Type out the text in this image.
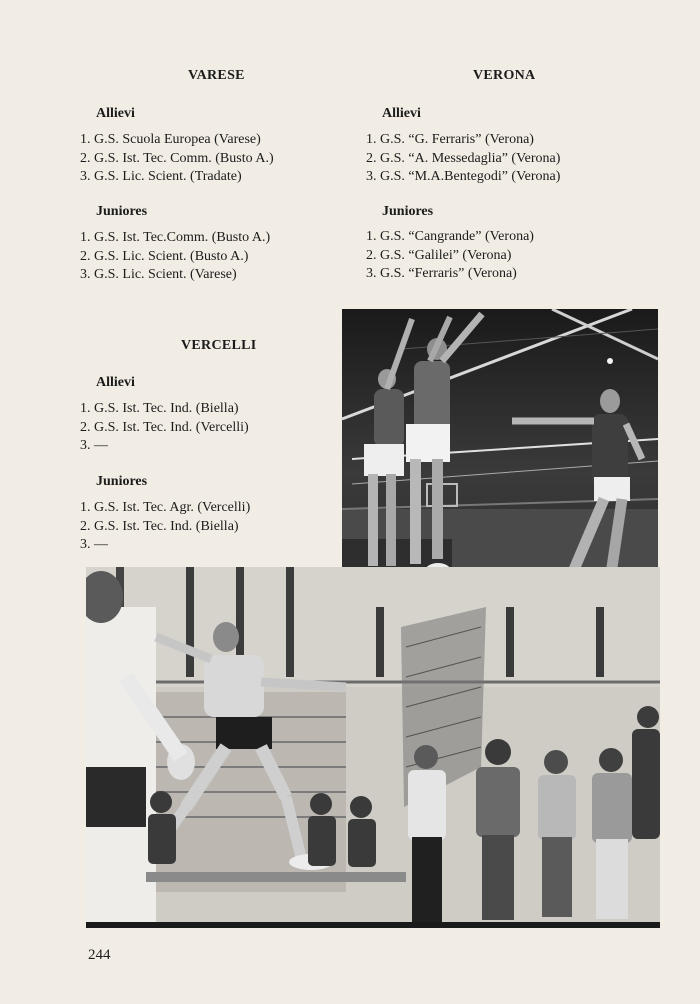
VARESE
Allievi
1. G.S. Scuola Europea (Varese)
2. G.S. Ist. Tec. Comm. (Busto A.)
3. G.S. Lic. Scient. (Tradate)
Juniores
1. G.S. Ist. Tec.Comm. (Busto A.)
2. G.S. Lic. Scient. (Busto A.)
3. G.S. Lic. Scient. (Varese)
VERONA
Allievi
1. G.S. “G. Ferraris” (Verona)
2. G.S. “A. Messedaglia” (Verona)
3. G.S. “M.A.Bentegodi” (Verona)
Juniores
1. G.S. “Cangrande” (Verona)
2. G.S. “Galilei” (Verona)
3. G.S. “Ferraris” (Verona)
VERCELLI
Allievi
1. G.S. Ist. Tec. Ind. (Biella)
2. G.S. Ist. Tec. Ind. (Vercelli)
3. —
Juniores
1. G.S. Ist. Tec. Agr. (Vercelli)
2. G.S. Ist. Tec. Ind. (Biella)
3. —
244
